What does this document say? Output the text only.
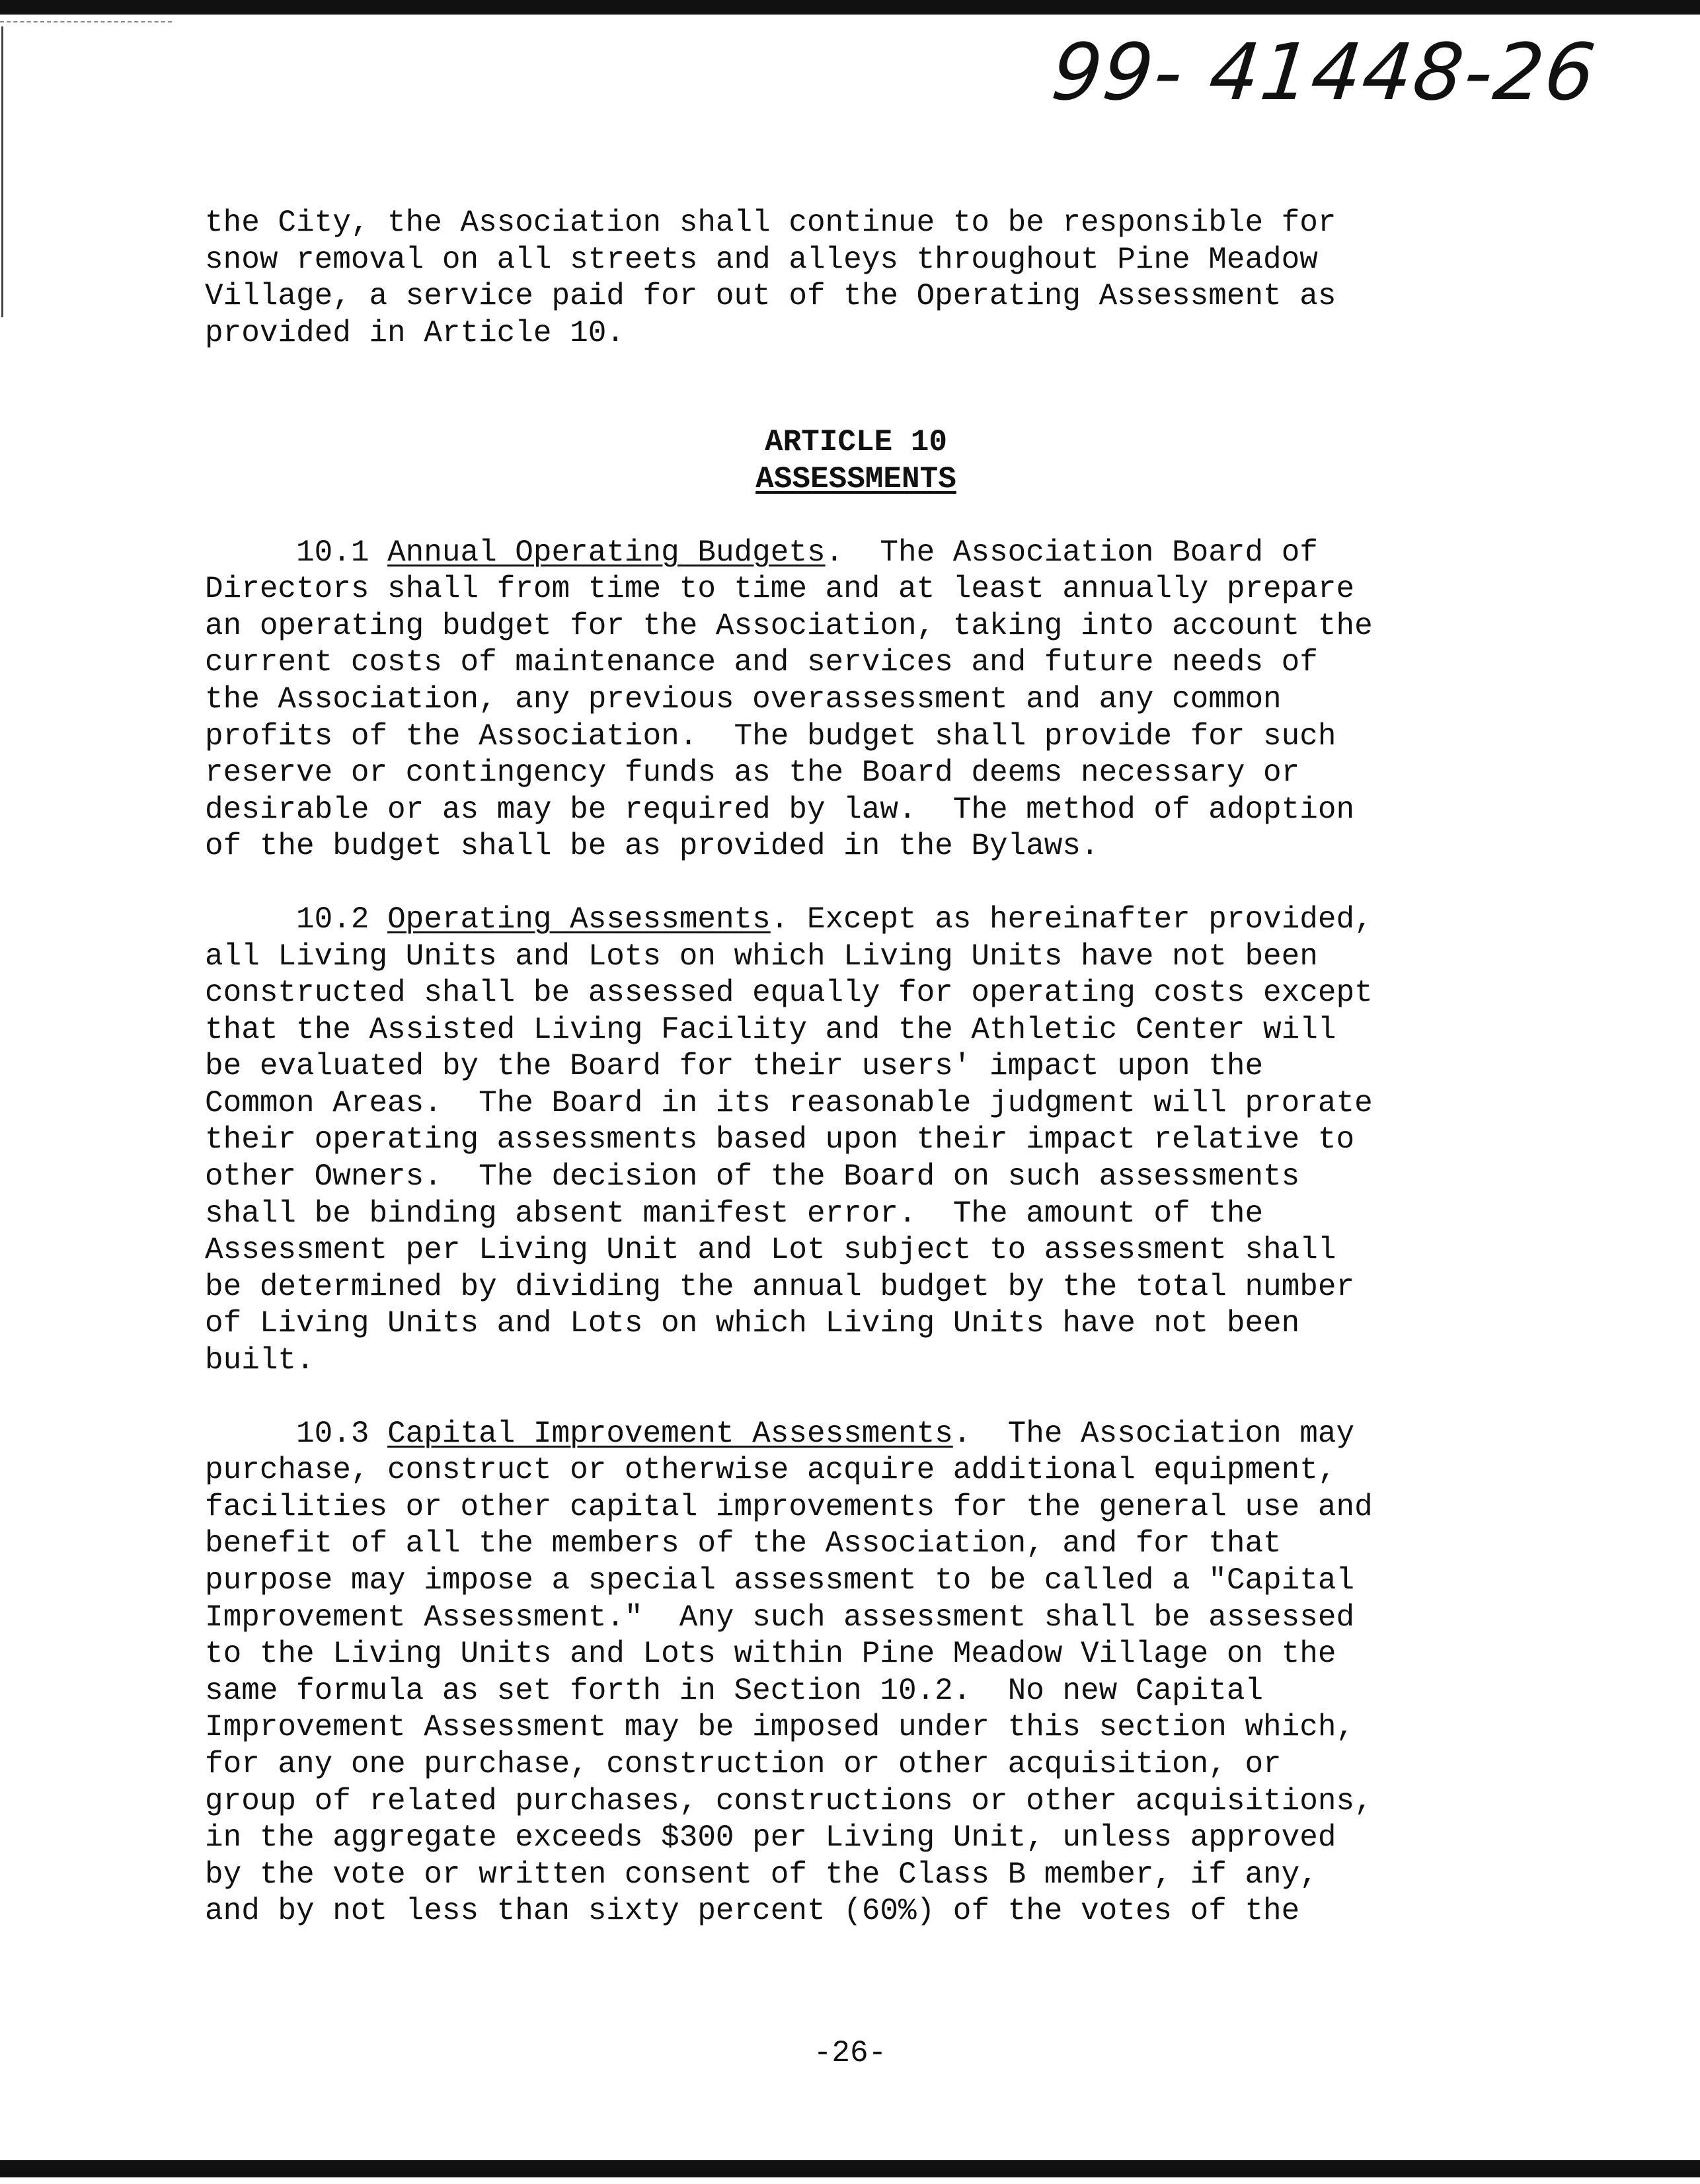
99- 41448-26
the City, the Association shall continue to be responsible for
snow removal on all streets and alleys throughout Pine Meadow
Village, a service paid for out of the Operating Assessment as
provided in Article 10.
ARTICLE 10
ASSESSMENTS
10.1 Annual Operating Budgets.  The Association Board of
Directors shall from time to time and at least annually prepare
an operating budget for the Association, taking into account the
current costs of maintenance and services and future needs of
the Association, any previous overassessment and any common
profits of the Association.  The budget shall provide for such
reserve or contingency funds as the Board deems necessary or
desirable or as may be required by law.  The method of adoption
of the budget shall be as provided in the Bylaws.
10.2 Operating Assessments. Except as hereinafter provided,
all Living Units and Lots on which Living Units have not been
constructed shall be assessed equally for operating costs except
that the Assisted Living Facility and the Athletic Center will
be evaluated by the Board for their users' impact upon the
Common Areas.  The Board in its reasonable judgment will prorate
their operating assessments based upon their impact relative to
other Owners.  The decision of the Board on such assessments
shall be binding absent manifest error.  The amount of the
Assessment per Living Unit and Lot subject to assessment shall
be determined by dividing the annual budget by the total number
of Living Units and Lots on which Living Units have not been
built.
10.3 Capital Improvement Assessments.  The Association may
purchase, construct or otherwise acquire additional equipment,
facilities or other capital improvements for the general use and
benefit of all the members of the Association, and for that
purpose may impose a special assessment to be called a "Capital
Improvement Assessment."  Any such assessment shall be assessed
to the Living Units and Lots within Pine Meadow Village on the
same formula as set forth in Section 10.2.  No new Capital
Improvement Assessment may be imposed under this section which,
for any one purchase, construction or other acquisition, or
group of related purchases, constructions or other acquisitions,
in the aggregate exceeds $300 per Living Unit, unless approved
by the vote or written consent of the Class B member, if any,
and by not less than sixty percent (60%) of the votes of the
-26-
